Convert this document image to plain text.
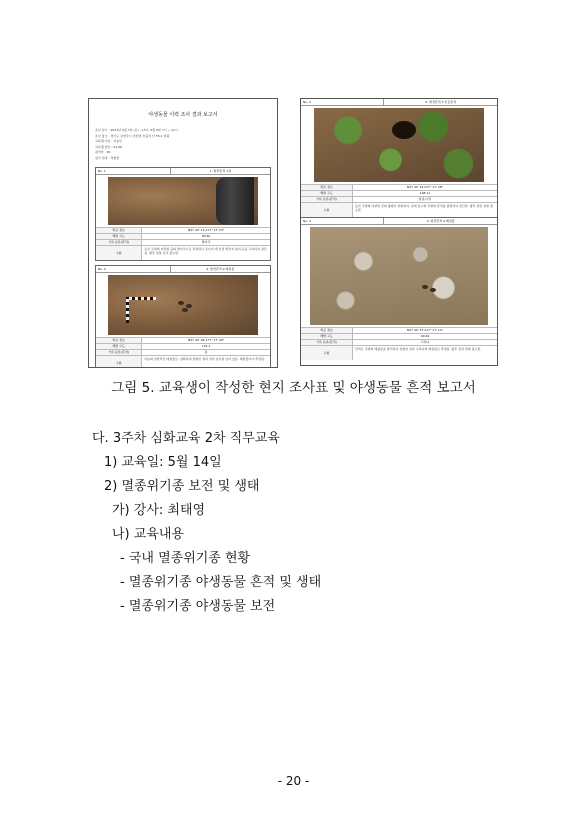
야생동물 이력 조사 결과 보고서
조사 일시 : 2023년 5월 7일 (토) - 13시, 5월 8일 7시 ~ 11시
조사 장소 : 경기도 남양주시 조안면 진중리 산 55-1 일원
교육생 이름 : 이승민
교육생 번호 : 01-08
평가자 : 00
평가 결과 : 적합함
No. 1	1. 발견흔적 1점
좌표 정보	N37 40' 12.217" 17' 23"
해발 고도	89.8L
기록 분류(흔적)	발자국
고찰
등산 주변의 다람쥐 등의 발자국으로 추정되나 조사지 내 인접 발견지 위치 등을 고려하여 판단됨. 향후 정밀 조사 필요함.
No. 2	2. 발견흔적 2 배설물
좌표 정보	N37 40' 28.177" 17' 26"
해발 고도	101.1
기록 분류(흔적)	똥
고찰
하늘의 일반적인 배설물로, 정확하게 관찰한 결과 일부 섬유질 남아 있음. 배설물이다 추정됨.
No. 3	3. 발견흔적 3 인공흔적
좌표 정보	N37 40' 14.217" 17' 28"
해발 고도	108.11
기록 분류(흔적)	땅굴/구멍
고찰
등산 주변의 다양한 굴의 형태가 관찰되어, 굴의 입구와 주변의 흔적을 종합하여 판단함. 향후 정밀 관찰 필요함.
No. 4	4. 발견흔적 4 배설물
좌표 정보	N37 40' 27.217" 17' 14"
해발 고도	99.69
기록 분류(흔적)	고라니
고찰
산책로 주변의 배설물을 발견하여 관찰한 결과 고라니의 배설물로 추정됨. 향후 정밀 관찰 필요함.
그림 5. 교육생이 작성한 현지 조사표 및 야생동물 흔적 보고서
다. 3주차 심화교육 2차 직무교육
1) 교육일: 5월 14일
2) 멸종위기종 보전 및 생태
가) 강사: 최태영
나) 교육내용
- 국내 멸종위기종 현황
- 멸종위기종 야생동물 흔적 및 생태
- 멸종위기종 야생동물 보전
- 20 -
